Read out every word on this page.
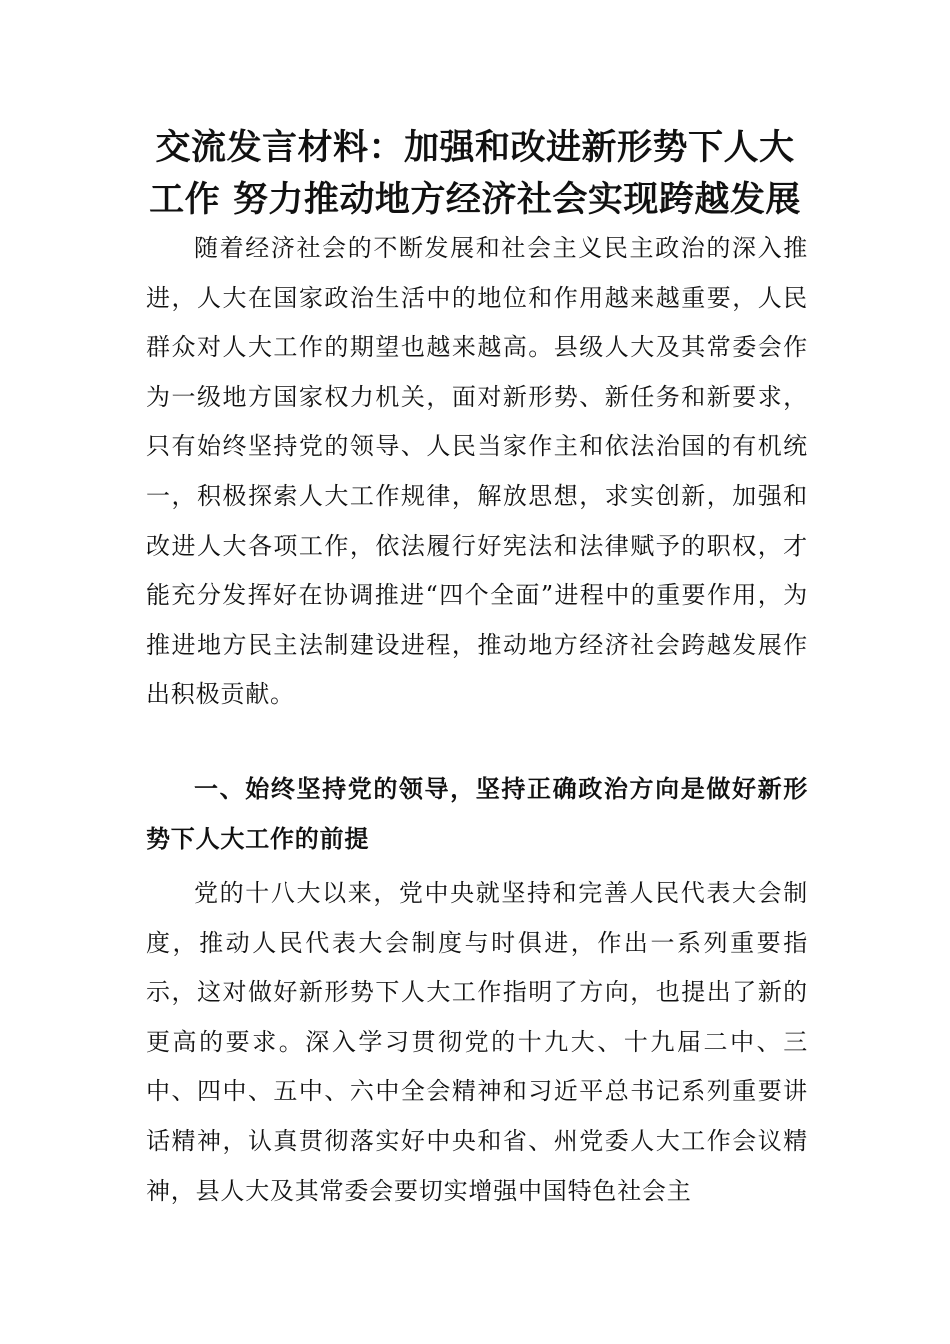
交流发言材料：加强和改进新形势下人大
工作 努力推动地方经济社会实现跨越发展

随着经济社会的不断发展和社会主义民主政治的深入推进，人大在国家政治生活中的地位和作用越来越重要，人民群众对人大工作的期望也越来越高。县级人大及其常委会作为一级地方国家权力机关，面对新形势、新任务和新要求，只有始终坚持党的领导、人民当家作主和依法治国的有机统一，积极探索人大工作规律，解放思想，求实创新，加强和改进人大各项工作，依法履行好宪法和法律赋予的职权，才能充分发挥好在协调推进“四个全面”进程中的重要作用，为推进地方民主法制建设进程，推动地方经济社会跨越发展作出积极贡献。

一、始终坚持党的领导，坚持正确政治方向是做好新形势下人大工作的前提

党的十八大以来，党中央就坚持和完善人民代表大会制度，推动人民代表大会制度与时俱进，作出一系列重要指示，这对做好新形势下人大工作指明了方向，也提出了新的更高的要求。深入学习贯彻党的十九大、十九届二中、三中、四中、五中、六中全会精神和习近平总书记系列重要讲话精神，认真贯彻落实好中央和省、州党委人大工作会议精神，县人大及其常委会要切实增强中国特色社会主
